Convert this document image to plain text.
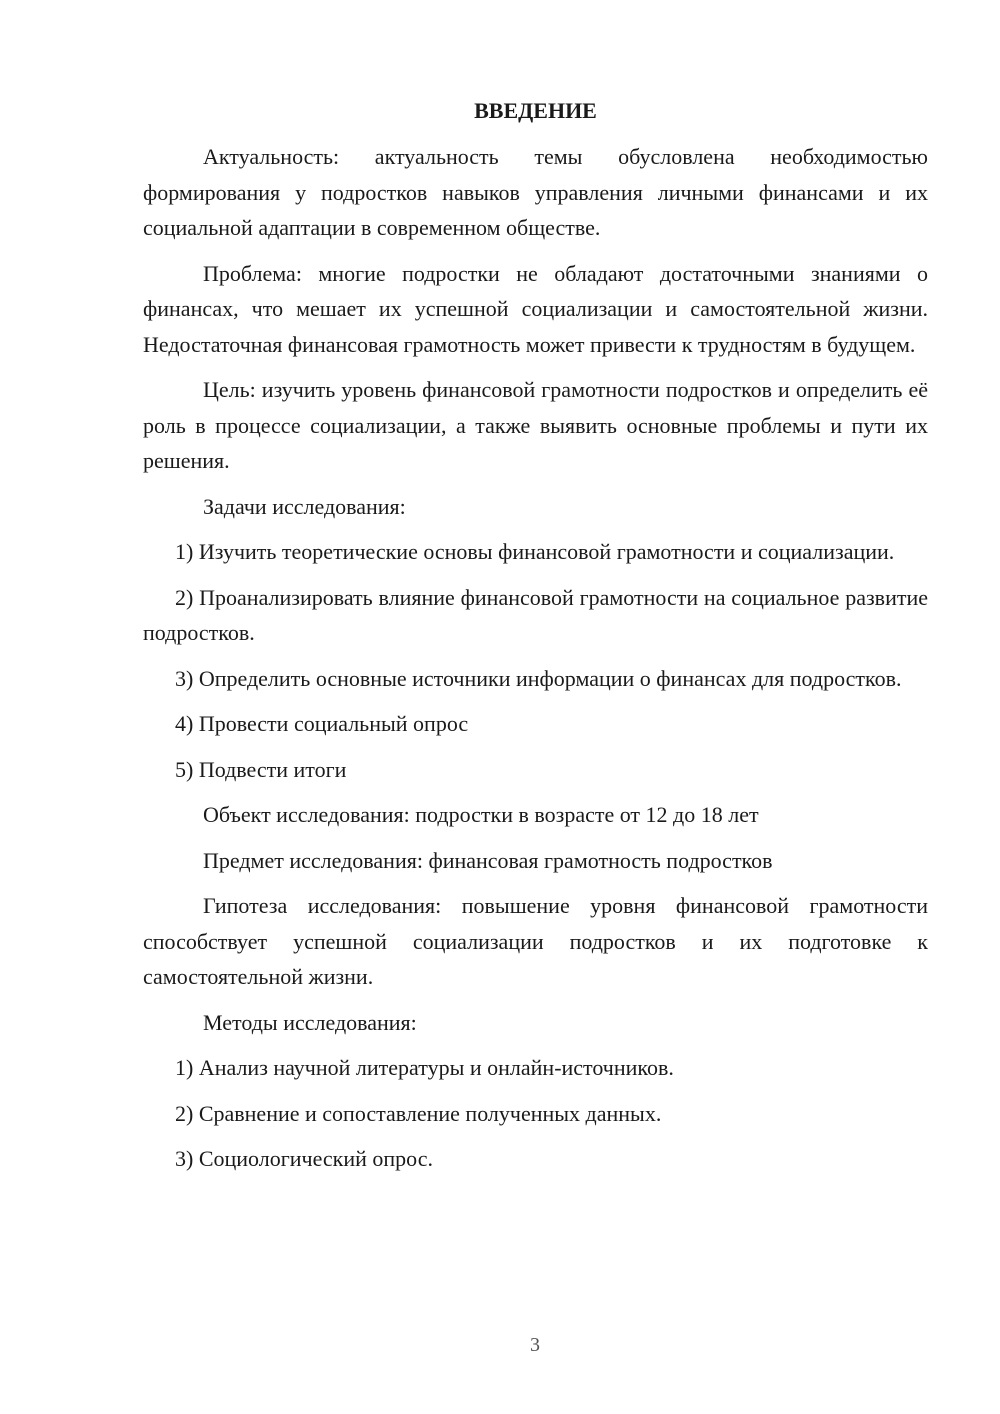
ВВЕДЕНИЕ

Актуальность: актуальность темы обусловлена необходимостью формирования у подростков навыков управления личными финансами и их социальной адаптации в современном обществе.

Проблема: многие подростки не обладают достаточными знаниями о финансах, что мешает их успешной социализации и самостоятельной жизни. Недостаточная финансовая грамотность может привести к трудностям в будущем.

Цель: изучить уровень финансовой грамотности подростков и определить её роль в процессе социализации, а также выявить основные проблемы и пути их решения.

Задачи исследования:

1) Изучить теоретические основы финансовой грамотности и социализации.

2) Проанализировать влияние финансовой грамотности на социальное развитие подростков.

3) Определить основные источники информации о финансах для подростков.

4) Провести социальный опрос

5) Подвести итоги

Объект исследования: подростки в возрасте от 12 до 18 лет

Предмет исследования: финансовая грамотность подростков

Гипотеза исследования: повышение уровня финансовой грамотности способствует успешной социализации подростков и их подготовке к самостоятельной жизни.

Методы исследования:

1) Анализ научной литературы и онлайн-источников.

2) Сравнение и сопоставление полученных данных.

3) Социологический опрос.

3
